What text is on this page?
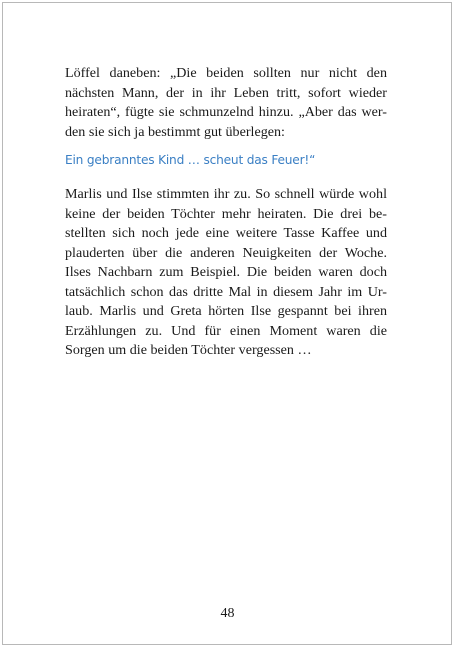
Löffel daneben: „Die beiden sollten nur nicht den
nächsten Mann, der in ihr Leben tritt, sofort wieder
heiraten“, fügte sie schmunzelnd hinzu. „Aber das wer-
den sie sich ja bestimmt gut überlegen:
Ein gebranntes Kind … scheut das Feuer!“
Marlis und Ilse stimmten ihr zu. So schnell würde wohl
keine der beiden Töchter mehr heiraten. Die drei be-
stellten sich noch jede eine weitere Tasse Kaffee und
plauderten über die anderen Neuigkeiten der Woche.
Ilses Nachbarn zum Beispiel. Die beiden waren doch
tatsächlich schon das dritte Mal in diesem Jahr im Ur-
laub. Marlis und Greta hörten Ilse gespannt bei ihren
Erzählungen zu. Und für einen Moment waren die
Sorgen um die beiden Töchter vergessen …
48
